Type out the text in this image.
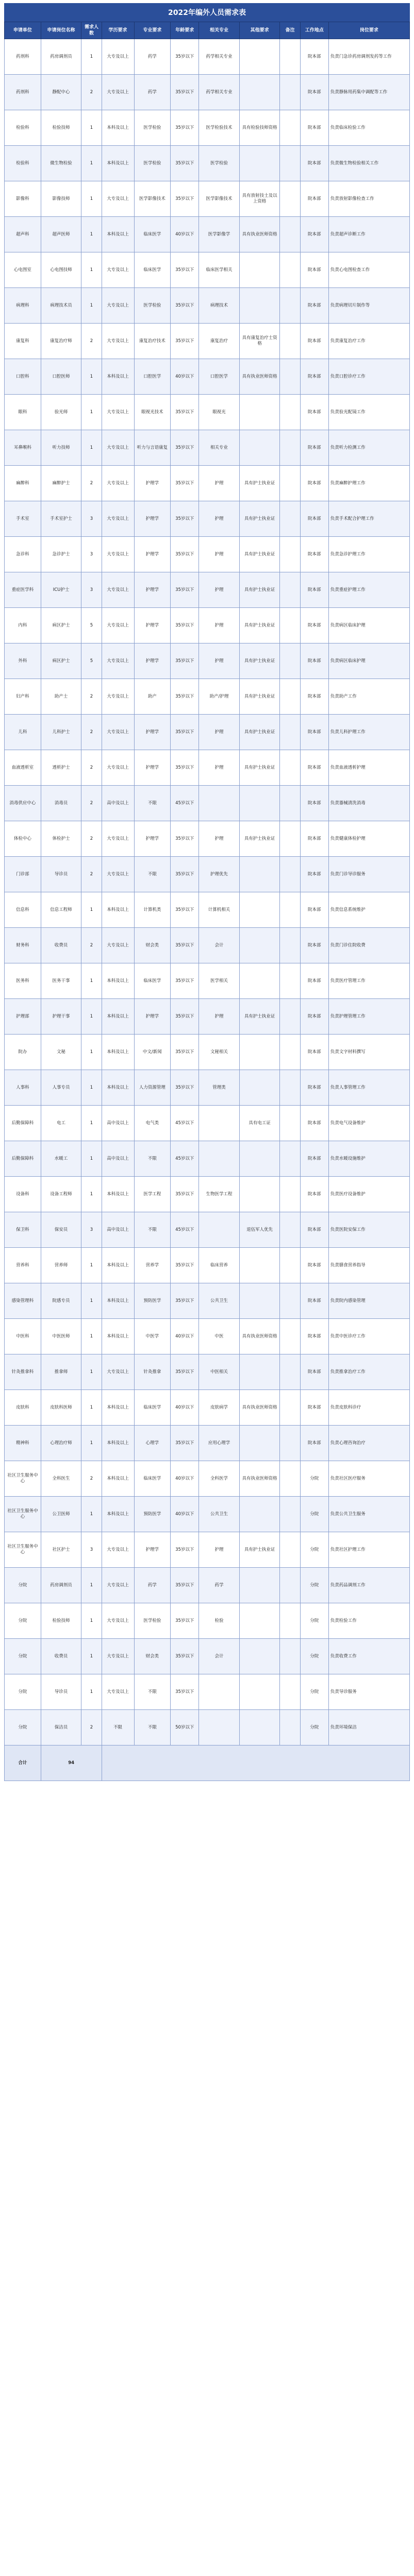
2022年编外人员需求表
申请单位	申请岗位名称	需求人数	学历要求	专业要求	年龄要求	相关专业	其他要求	备注	工作地点	岗位要求
药剂科	药房调剂员	1	大专及以上	药学	35岁以下	药学相关专业			院本部	负责门急诊药房调剂发药等工作
药剂科	静配中心	2	大专及以上	药学	35岁以下	药学相关专业			院本部	负责静脉用药集中调配等工作
检验科	检验技师	1	本科及以上	医学检验	35岁以下	医学检验技术	具有检验技师资格		院本部	负责临床检验工作
检验科	微生物检验	1	本科及以上	医学检验	35岁以下	医学检验			院本部	负责微生物检验相关工作
影像科	影像技师	1	大专及以上	医学影像技术	35岁以下	医学影像技术	具有放射技士及以上资格		院本部	负责放射影像检查工作
超声科	超声医师	1	本科及以上	临床医学	40岁以下	医学影像学	具有执业医师资格		院本部	负责超声诊断工作
心电图室	心电图技师	1	大专及以上	临床医学	35岁以下	临床医学相关			院本部	负责心电图检查工作
病理科	病理技术员	1	大专及以上	医学检验	35岁以下	病理技术			院本部	负责病理切片制作等
康复科	康复治疗师	2	大专及以上	康复治疗技术	35岁以下	康复治疗	具有康复治疗士资格		院本部	负责康复治疗工作
口腔科	口腔医师	1	本科及以上	口腔医学	40岁以下	口腔医学	具有执业医师资格		院本部	负责口腔诊疗工作
眼科	验光师	1	大专及以上	眼视光技术	35岁以下	眼视光			院本部	负责验光配镜工作
耳鼻喉科	听力技师	1	大专及以上	听力与言语康复	35岁以下	相关专业			院本部	负责听力检测工作
麻醉科	麻醉护士	2	大专及以上	护理学	35岁以下	护理	具有护士执业证		院本部	负责麻醉护理工作
手术室	手术室护士	3	大专及以上	护理学	35岁以下	护理	具有护士执业证		院本部	负责手术配合护理工作
急诊科	急诊护士	3	大专及以上	护理学	35岁以下	护理	具有护士执业证		院本部	负责急诊护理工作
重症医学科	ICU护士	3	大专及以上	护理学	35岁以下	护理	具有护士执业证		院本部	负责重症护理工作
内科	病区护士	5	大专及以上	护理学	35岁以下	护理	具有护士执业证		院本部	负责病区临床护理
外科	病区护士	5	大专及以上	护理学	35岁以下	护理	具有护士执业证		院本部	负责病区临床护理
妇产科	助产士	2	大专及以上	助产	35岁以下	助产/护理	具有护士执业证		院本部	负责助产工作
儿科	儿科护士	2	大专及以上	护理学	35岁以下	护理	具有护士执业证		院本部	负责儿科护理工作
血液透析室	透析护士	2	大专及以上	护理学	35岁以下	护理	具有护士执业证		院本部	负责血液透析护理
消毒供应中心	消毒员	2	高中及以上	不限	45岁以下				院本部	负责器械清洗消毒
体检中心	体检护士	2	大专及以上	护理学	35岁以下	护理	具有护士执业证		院本部	负责健康体检护理
门诊部	导诊员	2	大专及以上	不限	35岁以下	护理优先			院本部	负责门诊导诊服务
信息科	信息工程师	1	本科及以上	计算机类	35岁以下	计算机相关			院本部	负责信息系统维护
财务科	收费员	2	大专及以上	财会类	35岁以下	会计			院本部	负责门诊住院收费
医务科	医务干事	1	本科及以上	临床医学	35岁以下	医学相关			院本部	负责医疗管理工作
护理部	护理干事	1	本科及以上	护理学	35岁以下	护理	具有护士执业证		院本部	负责护理管理工作
院办	文秘	1	本科及以上	中文/新闻	35岁以下	文秘相关			院本部	负责文字材料撰写
人事科	人事专员	1	本科及以上	人力资源管理	35岁以下	管理类			院本部	负责人事管理工作
后勤保障科	电工	1	高中及以上	电气类	45岁以下		具有电工证		院本部	负责电气设备维护
后勤保障科	水暖工	1	高中及以上	不限	45岁以下				院本部	负责水暖设施维护
设备科	设备工程师	1	本科及以上	医学工程	35岁以下	生物医学工程			院本部	负责医疗设备维护
保卫科	保安员	3	高中及以上	不限	45岁以下		退伍军人优先		院本部	负责医院安保工作
营养科	营养师	1	本科及以上	营养学	35岁以下	临床营养			院本部	负责膳食营养指导
感染管理科	院感专员	1	本科及以上	预防医学	35岁以下	公共卫生			院本部	负责院内感染管理
中医科	中医医师	1	本科及以上	中医学	40岁以下	中医	具有执业医师资格		院本部	负责中医诊疗工作
针灸推拿科	推拿师	1	大专及以上	针灸推拿	35岁以下	中医相关			院本部	负责推拿治疗工作
皮肤科	皮肤科医师	1	本科及以上	临床医学	40岁以下	皮肤病学	具有执业医师资格		院本部	负责皮肤科诊疗
精神科	心理治疗师	1	本科及以上	心理学	35岁以下	应用心理学			院本部	负责心理咨询治疗
社区卫生服务中心	全科医生	2	本科及以上	临床医学	40岁以下	全科医学	具有执业医师资格		分院	负责社区医疗服务
社区卫生服务中心	公卫医师	1	本科及以上	预防医学	40岁以下	公共卫生			分院	负责公共卫生服务
社区卫生服务中心	社区护士	3	大专及以上	护理学	35岁以下	护理	具有护士执业证		分院	负责社区护理工作
分院	药房调剂员	1	大专及以上	药学	35岁以下	药学			分院	负责药品调剂工作
分院	检验技师	1	大专及以上	医学检验	35岁以下	检验			分院	负责检验工作
分院	收费员	1	大专及以上	财会类	35岁以下	会计			分院	负责收费工作
分院	导诊员	1	大专及以上	不限	35岁以下				分院	负责导诊服务
分院	保洁员	2	不限	不限	50岁以下				分院	负责环境保洁
合计	94									
